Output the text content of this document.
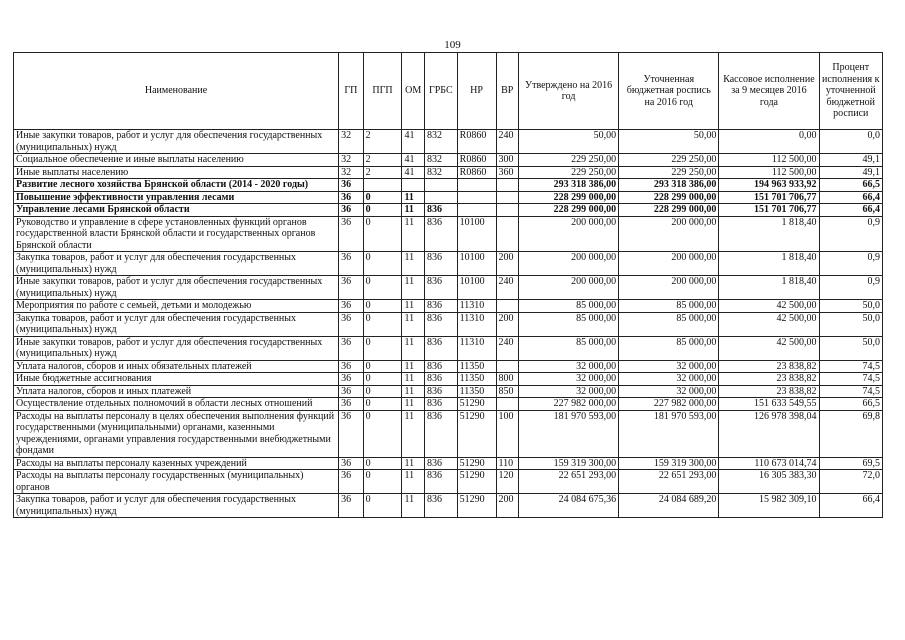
109
Наименование	ГП	ПГП	ОМ	ГРБС	НР	ВР	Утверждено на 2016 год	Уточненная бюджетная роспись на 2016 год	Кассовое исполнение за 9 месяцев 2016 года	Процент исполнения к уточненной бюджетной росписи
Иные закупки товаров, работ и услуг для обеспечения государственных (муниципальных) нужд	32	2	41	832	R0860	240	50,00	50,00	0,00	0,0
Социальное обеспечение и иные выплаты населению	32	2	41	832	R0860	300	229 250,00	229 250,00	112 500,00	49,1
Иные выплаты населению	32	2	41	832	R0860	360	229 250,00	229 250,00	112 500,00	49,1
Развитие лесного хозяйства Брянской области (2014 - 2020 годы)	36						293 318 386,00	293 318 386,00	194 963 933,92	66,5
Повышение эффективности управления лесами	36	0	11				228 299 000,00	228 299 000,00	151 701 706,77	66,4
Управление лесами Брянской области	36	0	11	836			228 299 000,00	228 299 000,00	151 701 706,77	66,4
Руководство и управление в сфере установленных функций органов государственной власти Брянской области и государственных органов Брянской области	36	0	11	836	10100		200 000,00	200 000,00	1 818,40	0,9
Закупка товаров, работ и услуг для обеспечения государственных (муниципальных) нужд	36	0	11	836	10100	200	200 000,00	200 000,00	1 818,40	0,9
Иные закупки товаров, работ и услуг для обеспечения государственных (муниципальных) нужд	36	0	11	836	10100	240	200 000,00	200 000,00	1 818,40	0,9
Мероприятия по работе с семьей, детьми и молодежью	36	0	11	836	11310		85 000,00	85 000,00	42 500,00	50,0
Закупка товаров, работ и услуг для обеспечения государственных (муниципальных) нужд	36	0	11	836	11310	200	85 000,00	85 000,00	42 500,00	50,0
Иные закупки товаров, работ и услуг для обеспечения государственных (муниципальных) нужд	36	0	11	836	11310	240	85 000,00	85 000,00	42 500,00	50,0
Уплата налогов, сборов и иных обязательных платежей	36	0	11	836	11350		32 000,00	32 000,00	23 838,82	74,5
Иные бюджетные ассигнования	36	0	11	836	11350	800	32 000,00	32 000,00	23 838,82	74,5
Уплата налогов, сборов и иных платежей	36	0	11	836	11350	850	32 000,00	32 000,00	23 838,82	74,5
Осуществление отдельных полномочий в области лесных отношений	36	0	11	836	51290		227 982 000,00	227 982 000,00	151 633 549,55	66,5
Расходы на выплаты персоналу в целях обеспечения выполнения функций государственными (муниципальными) органами, казенными учреждениями, органами управления государственными внебюджетными фондами	36	0	11	836	51290	100	181 970 593,00	181 970 593,00	126 978 398,04	69,8
Расходы на выплаты персоналу казенных учреждений	36	0	11	836	51290	110	159 319 300,00	159 319 300,00	110 673 014,74	69,5
Расходы на выплаты персоналу государственных (муниципальных) органов	36	0	11	836	51290	120	22 651 293,00	22 651 293,00	16 305 383,30	72,0
Закупка товаров, работ и услуг для обеспечения государственных (муниципальных) нужд	36	0	11	836	51290	200	24 084 675,36	24 084 689,20	15 982 309,10	66,4
